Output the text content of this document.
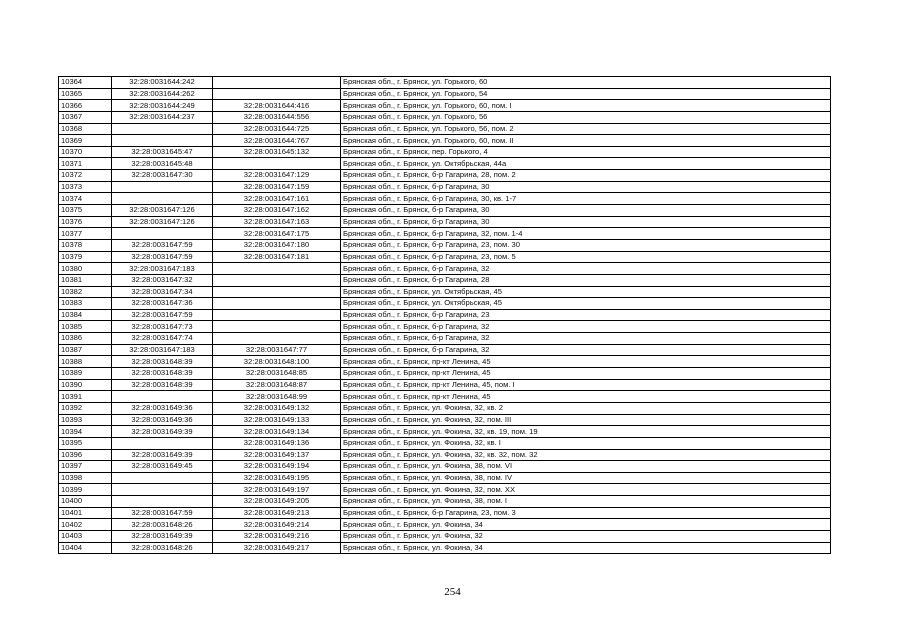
10364	32:28:0031644:242		Брянская обл., г. Брянск, ул. Горького, 60
10365	32:28:0031644:262		Брянская обл., г. Брянск, ул. Горького, 54
10366	32:28:0031644:249	32:28:0031644:416	Брянская обл., г. Брянск, ул. Горького, 60, пом. I
10367	32:28:0031644:237	32:28:0031644:556	Брянская обл., г. Брянск, ул. Горького, 56
10368		32:28:0031644:725	Брянская обл., г. Брянск, ул. Горького, 56, пом. 2
10369		32:28:0031644:767	Брянская обл., г. Брянск, ул. Горького, 60, пом. II
10370	32:28:0031645:47	32:28:0031645:132	Брянская обл., г. Брянск, пер. Горького, 4
10371	32:28:0031645:48		Брянская обл., г. Брянск, ул. Октябрьская, 44а
10372	32:28:0031647:30	32:28:0031647:129	Брянская обл., г. Брянск, б-р Гагарина, 28, пом. 2
10373		32:28:0031647:159	Брянская обл., г. Брянск, б-р Гагарина, 30
10374		32:28:0031647:161	Брянская обл., г. Брянск, б-р Гагарина, 30, кв. 1-7
10375	32:28:0031647:126	32:28:0031647:162	Брянская обл., г. Брянск, б-р Гагарина, 30
10376	32:28:0031647:126	32:28:0031647:163	Брянская обл., г. Брянск, б-р Гагарина, 30
10377		32:28:0031647:175	Брянская обл., г. Брянск, б-р Гагарина, 32, пом. 1-4
10378	32:28:0031647:59	32:28:0031647:180	Брянская обл., г. Брянск, б-р Гагарина, 23, пом. 30
10379	32:28:0031647:59	32:28:0031647:181	Брянская обл., г. Брянск, б-р Гагарина, 23, пом. 5
10380	32:28:0031647:183		Брянская обл., г. Брянск, б-р Гагарина, 32
10381	32:28:0031647:32		Брянская обл., г. Брянск, б-р Гагарина, 28
10382	32:28:0031647:34		Брянская обл., г. Брянск, ул. Октябрьская, 45
10383	32:28:0031647:36		Брянская обл., г. Брянск, ул. Октябрьская, 45
10384	32:28:0031647:59		Брянская обл., г. Брянск, б-р Гагарина, 23
10385	32:28:0031647:73		Брянская обл., г. Брянск, б-р Гагарина, 32
10386	32:28:0031647:74		Брянская обл., г. Брянск, б-р Гагарина, 32
10387	32:28:0031647:183	32:28:0031647:77	Брянская обл., г. Брянск, б-р Гагарина, 32
10388	32:28:0031648:39	32:28:0031648:100	Брянская обл., г. Брянск, пр-кт Ленина, 45
10389	32:28:0031648:39	32:28:0031648:85	Брянская обл., г. Брянск, пр-кт Ленина, 45
10390	32:28:0031648:39	32:28:0031648:87	Брянская обл., г. Брянск, пр-кт Ленина, 45, пом. I
10391		32:28:0031648:99	Брянская обл., г. Брянск, пр-кт Ленина, 45
10392	32:28:0031649:36	32:28:0031649:132	Брянская обл., г. Брянск, ул. Фокина, 32, кв. 2
10393	32:28:0031649:36	32:28:0031649:133	Брянская обл., г. Брянск, ул. Фокина, 32, пом. III
10394	32:28:0031649:39	32:28:0031649:134	Брянская обл., г. Брянск, ул. Фокина, 32, кв. 19, пом. 19
10395		32:28:0031649:136	Брянская обл., г. Брянск, ул. Фокина, 32, кв. I
10396	32:28:0031649:39	32:28:0031649:137	Брянская обл., г. Брянск, ул. Фокина, 32, кв. 32, пом. 32
10397	32:28:0031649:45	32:28:0031649:194	Брянская обл., г. Брянск, ул. Фокина, 38, пом. VI
10398		32:28:0031649:195	Брянская обл., г. Брянск, ул. Фокина, 38, пом. IV
10399		32:28:0031649:197	Брянская обл., г. Брянск, ул. Фокина, 32, пом. XX
10400		32:28:0031649:205	Брянская обл., г. Брянск, ул. Фокина, 38, пом. I
10401	32:28:0031647:59	32:28:0031649:213	Брянская обл., г. Брянск, б-р Гагарина, 23, пом. 3
10402	32:28:0031648:26	32:28:0031649:214	Брянская обл., г. Брянск, ул. Фокина, 34
10403	32:28:0031649:39	32:28:0031649:216	Брянская обл., г. Брянск, ул. Фокина, 32
10404	32:28:0031648:26	32:28:0031649:217	Брянская обл., г. Брянск, ул. Фокина, 34
254
